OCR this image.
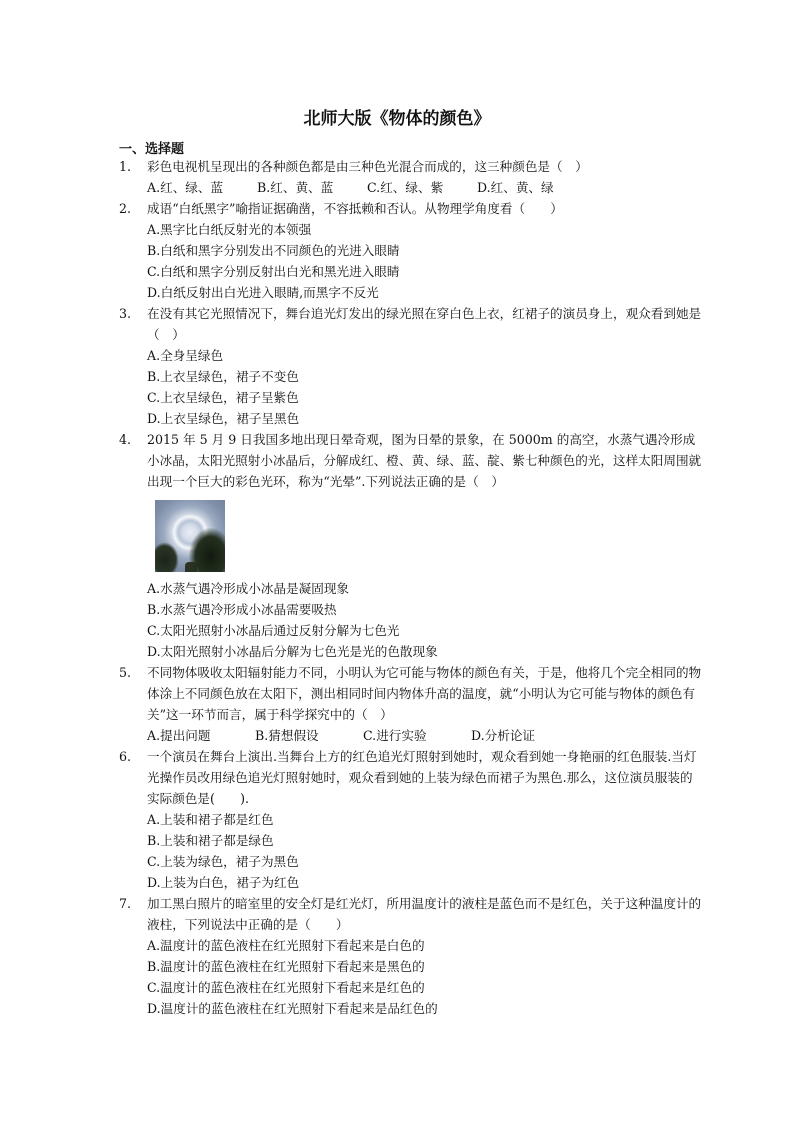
北师大版《物体的颜色》
一、选择题

1. 彩色电视机呈现出的各种颜色都是由三种色光混合而成的，这三种颜色是（　）

A.红、绿、蓝	B.红、黄、蓝	C.红、绿、紫	D.红、黄、绿

2. 成语“白纸黑字”喻指证据确凿，不容抵赖和否认。从物理学角度看（　　）

A.黑字比白纸反射光的本领强

B.白纸和黑字分别发出不同颜色的光进入眼睛

C.白纸和黑字分别反射出白光和黑光进入眼睛

D.白纸反射出白光进入眼睛,而黑字不反光

3. 在没有其它光照情况下，舞台追光灯发出的绿光照在穿白色上衣，红裙子的演员身上，观众看到她是（　）

A.全身呈绿色

B.上衣呈绿色，裙子不变色

C.上衣呈绿色，裙子呈紫色

D.上衣呈绿色，裙子呈黑色

4. 2015 年 5 月 9 日我国多地出现日晕奇观，图为日晕的景象，在 5000m 的高空，水蒸气遇冷形成小冰晶，太阳光照射小冰晶后，分解成红、橙、黄、绿、蓝、靛、紫七种颜色的光，这样太阳周围就出现一个巨大的彩色光环，称为“光晕”.下列说法正确的是（　）

A.水蒸气遇冷形成小冰晶是凝固现象

B.水蒸气遇冷形成小冰晶需要吸热

C.太阳光照射小冰晶后通过反射分解为七色光

D.太阳光照射小冰晶后分解为七色光是光的色散现象

5. 不同物体吸收太阳辐射能力不同，小明认为它可能与物体的颜色有关，于是，他将几个完全相同的物体涂上不同颜色放在太阳下，测出相同时间内物体升高的温度，就“小明认为它可能与物体的颜色有关”这一环节而言，属于科学探究中的（　）

A.提出问题	B.猜想假设	C.进行实验	D.分析论证

6. 一个演员在舞台上演出.当舞台上方的红色追光灯照射到她时，观众看到她一身艳丽的红色服装.当灯光操作员改用绿色追光灯照射她时，观众看到她的上装为绿色而裙子为黑色.那么，这位演员服装的实际颜色是(　　).

A.上装和裙子都是红色

B.上装和裙子都是绿色

C.上装为绿色，裙子为黑色

D.上装为白色，裙子为红色

7. 加工黑白照片的暗室里的安全灯是红光灯，所用温度计的液柱是蓝色而不是红色，关于这种温度计的液柱，下列说法中正确的是（　　）

A.温度计的蓝色液柱在红光照射下看起来是白色的

B.温度计的蓝色液柱在红光照射下看起来是黑色的

C.温度计的蓝色液柱在红光照射下看起来是红色的

D.温度计的蓝色液柱在红光照射下看起来是品红色的
